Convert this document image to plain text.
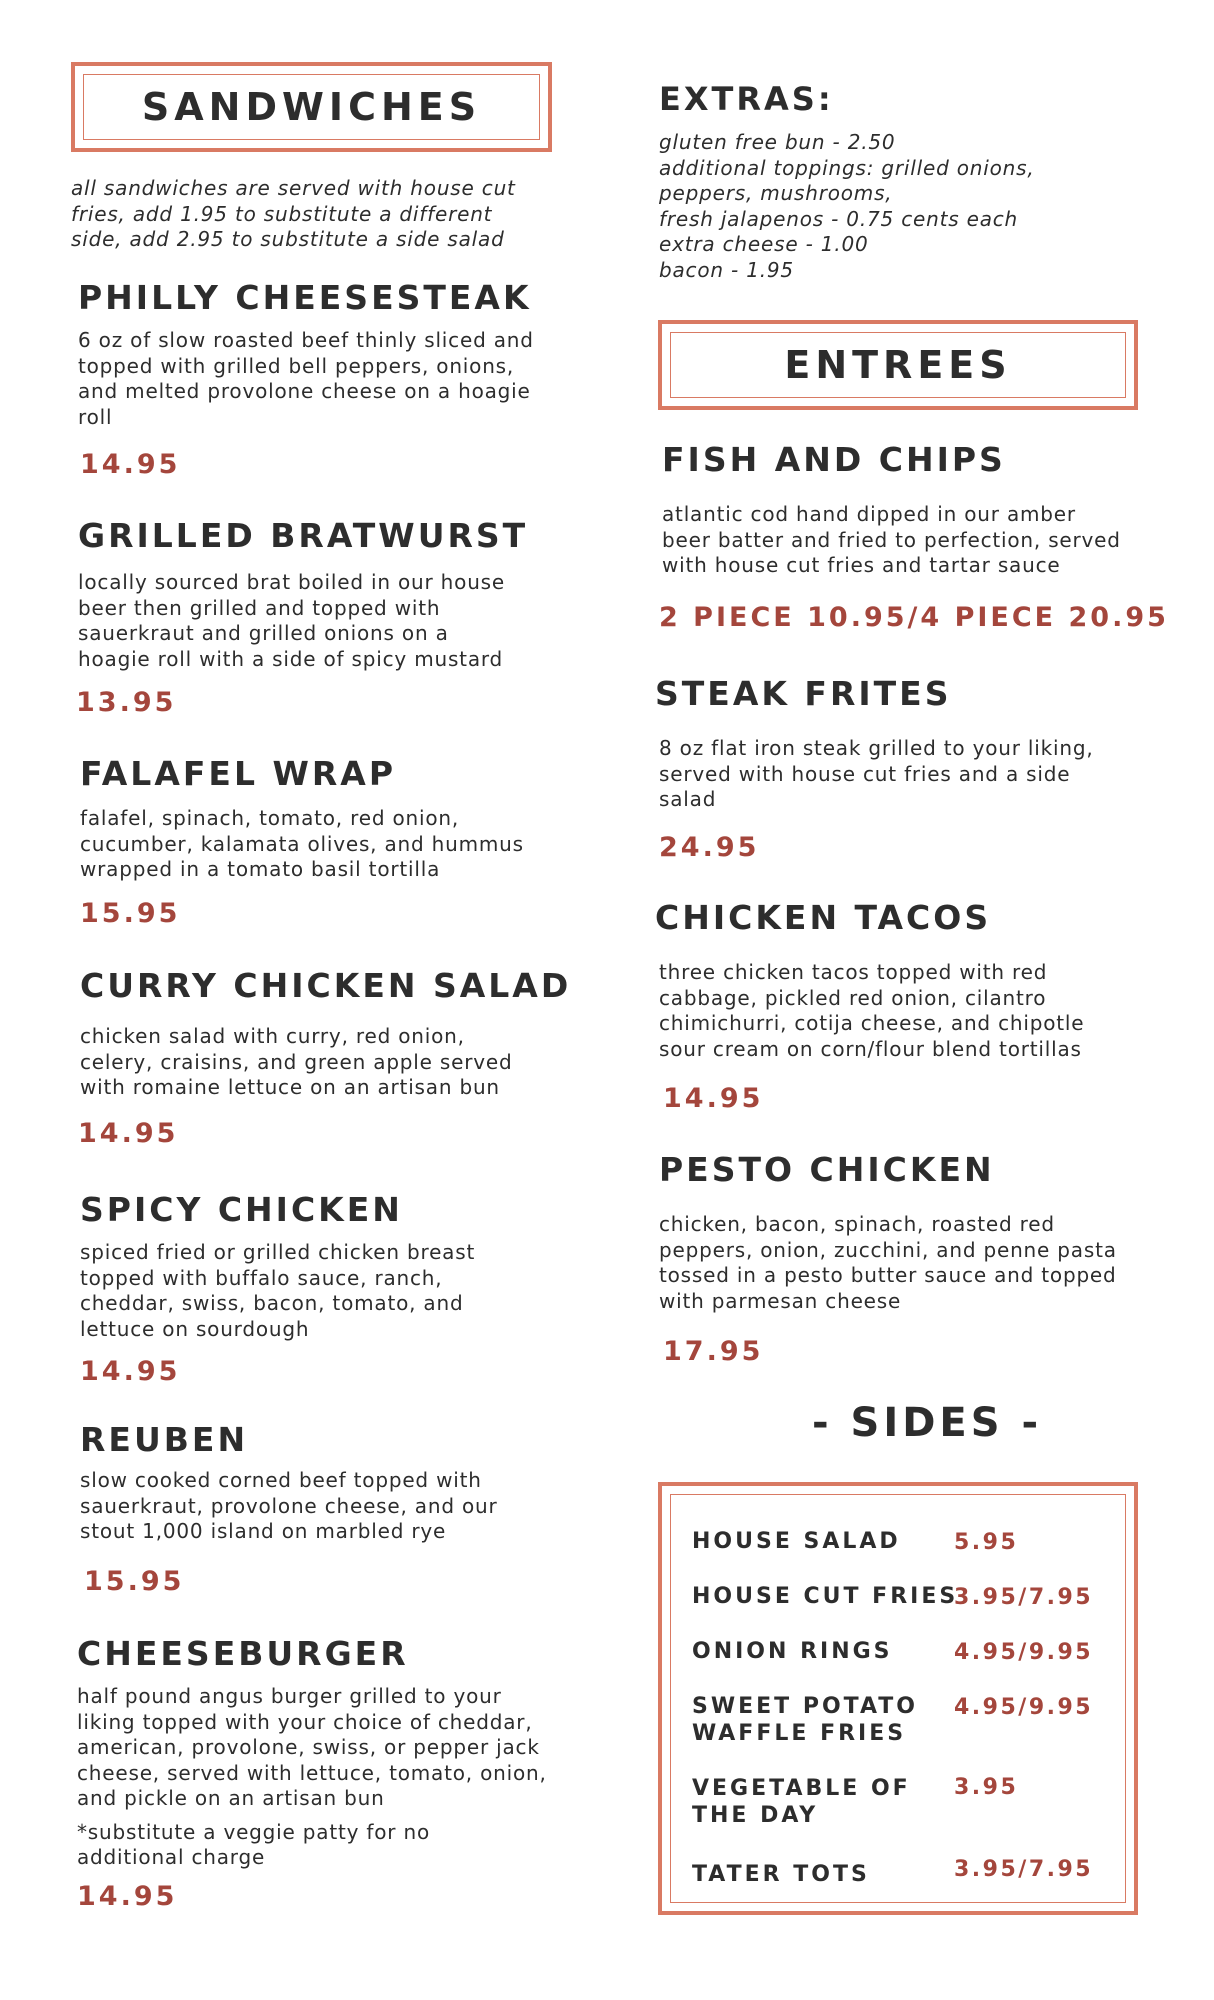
SANDWICHES
all sandwiches are served with house cut
fries, add 1.95 to substitute a different
side, add 2.95 to substitute a side salad

PHILLY CHEESESTEAK

6 oz of slow roasted beef thinly sliced and

topped with grilled bell peppers, onions,

and melted provolone cheese on a hoagie

roll

14.95

GRILLED BRATWURST

locally sourced brat boiled in our house

beer then grilled and topped with

sauerkraut and grilled onions on a

hoagie roll with a side of spicy mustard

13.95

FALAFEL WRAP

falafel, spinach, tomato, red onion,

cucumber, kalamata olives, and hummus

wrapped in a tomato basil tortilla

15.95

CURRY CHICKEN SALAD

chicken salad with curry, red onion,

celery, craisins, and green apple served

with romaine lettuce on an artisan bun

14.95

SPICY CHICKEN

spiced fried or grilled chicken breast

topped with buffalo sauce, ranch,

cheddar, swiss, bacon, tomato, and

lettuce on sourdough

14.95

REUBEN

slow cooked corned beef topped with

sauerkraut, provolone cheese, and our

stout 1,000 island on marbled rye

15.95

CHEESEBURGER

half pound angus burger grilled to your

liking topped with your choice of cheddar,

american, provolone, swiss, or pepper jack

cheese, served with lettuce, tomato, onion,

and pickle on an artisan bun

*substitute a veggie patty for no

additional charge

14.95
EXTRAS:
gluten free bun - 2.50
additional toppings: grilled onions,
peppers, mushrooms,
fresh jalapenos - 0.75 cents each
extra cheese - 1.00
bacon - 1.95
ENTREES

FISH AND CHIPS

atlantic cod hand dipped in our amber

beer batter and fried to perfection, served

with house cut fries and tartar sauce

2 PIECE 10.95/4 PIECE 20.95

STEAK FRITES

8 oz flat iron steak grilled to your liking,

served with house cut fries and a side

salad

24.95

CHICKEN TACOS

three chicken tacos topped with red

cabbage, pickled red onion, cilantro

chimichurri, cotija cheese, and chipotle

sour cream on corn/flour blend tortillas

14.95

PESTO CHICKEN

chicken, bacon, spinach, roasted red

peppers, onion, zucchini, and penne pasta

tossed in a pesto butter sauce and topped

with parmesan cheese

17.95
- SIDES -
HOUSE SALAD 5.95
HOUSE CUT FRIES
3.95/7.95
ONION RINGS	4.95/9.95
SWEET POTATO
WAFFLE FRIES
4.95/9.95
VEGETABLE OF
THE DAY
3.95
TATER TOTS	3.95/7.95
